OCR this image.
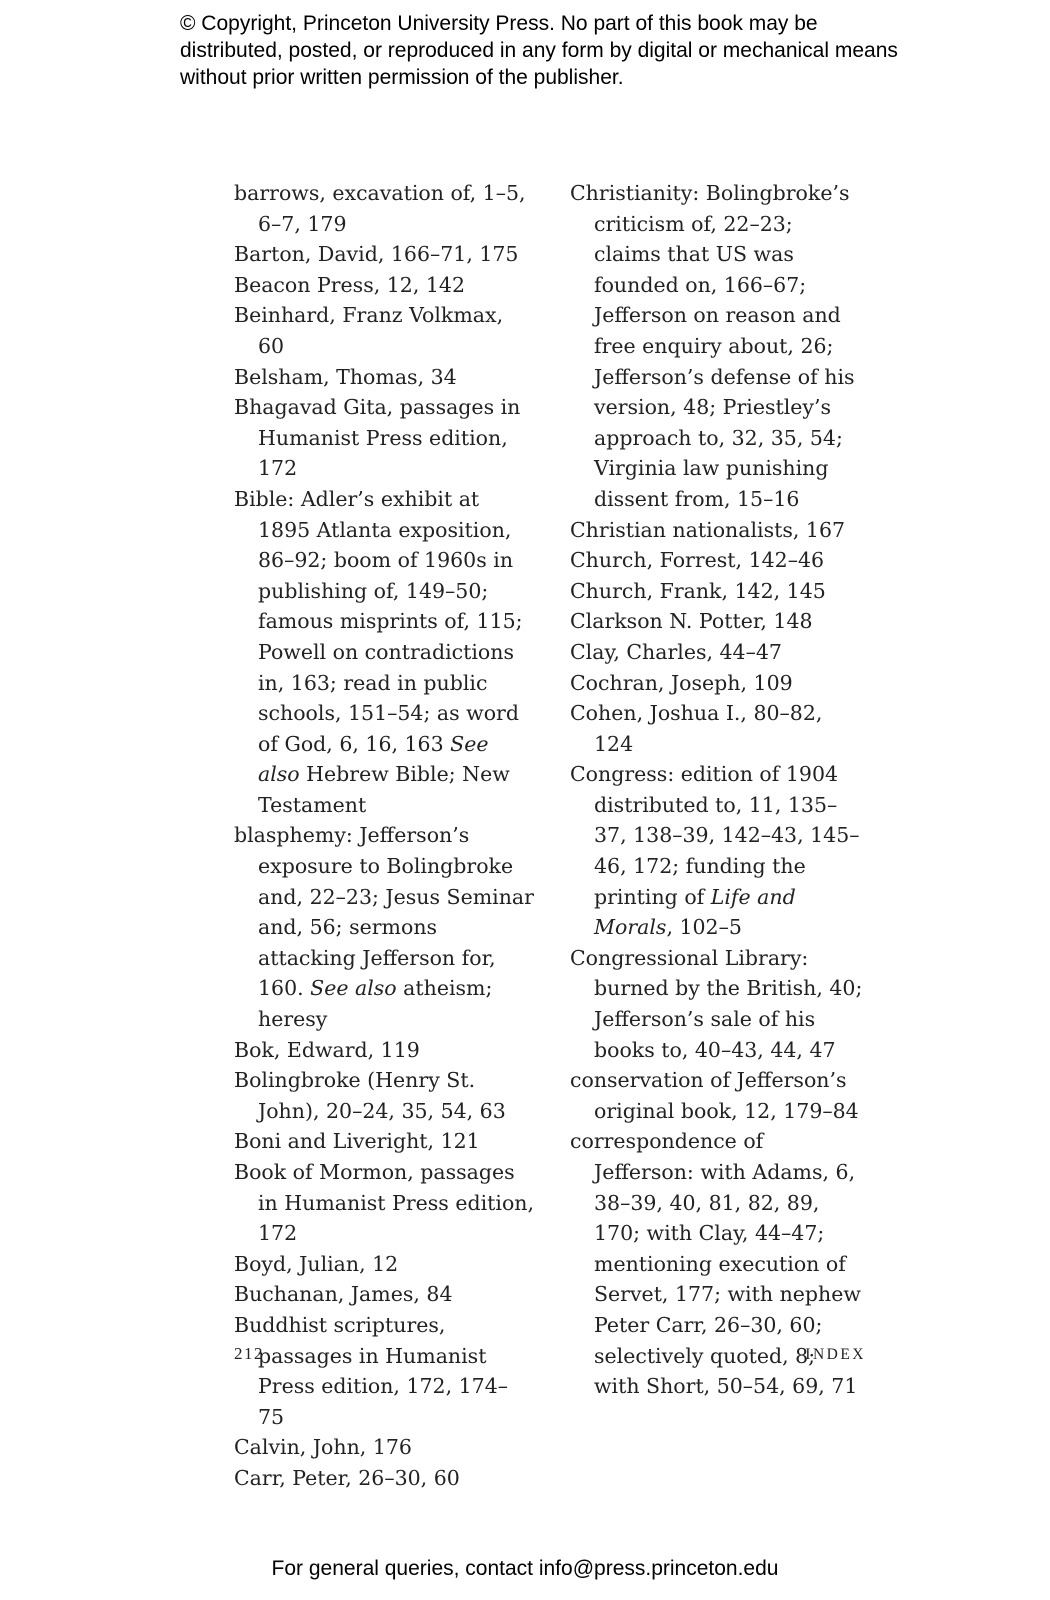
© Copyright, Princeton University Press. No part of this book may be distributed, posted, or reproduced in any form by digital or mechanical means without prior written permission of the publisher.
barrows, excavation of, 1–5, 6–7, 179
Barton, David, 166–71, 175
Beacon Press, 12, 142
Beinhard, Franz Volkmax, 60
Belsham, Thomas, 34
Bhagavad Gita, passages in Humanist Press edition, 172
Bible: Adler’s exhibit at 1895 Atlanta exposition, 86–92; boom of 1960s in publishing of, 149–50; famous misprints of, 115; Powell on contradictions in, 163; read in public schools, 151–54; as word of God, 6, 16, 163 See also Hebrew Bible; New Testament
blasphemy: Jefferson’s exposure to Bolingbroke and, 22–23; Jesus Seminar and, 56; sermons attacking Jefferson for, 160. See also atheism; heresy
Bok, Edward, 119
Bolingbroke (Henry St. John), 20–24, 35, 54, 63
Boni and Liveright, 121
Book of Mormon, passages in Humanist Press edition, 172
Boyd, Julian, 12
Buchanan, James, 84
Buddhist scriptures, passages in Humanist Press edition, 172, 174–75
Calvin, John, 176
Carr, Peter, 26–30, 60
Christianity: Bolingbroke’s criticism of, 22–23; claims that US was founded on, 166–67; Jefferson on reason and free enquiry about, 26; Jefferson’s defense of his version, 48; Priestley’s approach to, 32, 35, 54; Virginia law punishing dissent from, 15–16
Christian nationalists, 167
Church, Forrest, 142–46
Church, Frank, 142, 145
Clarkson N. Potter, 148
Clay, Charles, 44–47
Cochran, Joseph, 109
Cohen, Joshua I., 80–82, 124
Congress: edition of 1904 distributed to, 11, 135–37, 138–39, 142–43, 145–46, 172; funding the printing of Life and Morals, 102–5
Congressional Library: burned by the British, 40; Jefferson’s sale of his books to, 40–43, 44, 47
conservation of Jefferson’s original book, 12, 179–84
correspondence of Jefferson: with Adams, 6, 38–39, 40, 81, 82, 89, 170; with Clay, 44–47; mentioning execution of Servet, 177; with nephew Peter Carr, 26–30, 60; selectively quoted, 8; with Short, 50–54, 69, 71
212	INDEX
For general queries, contact info@press.princeton.edu
